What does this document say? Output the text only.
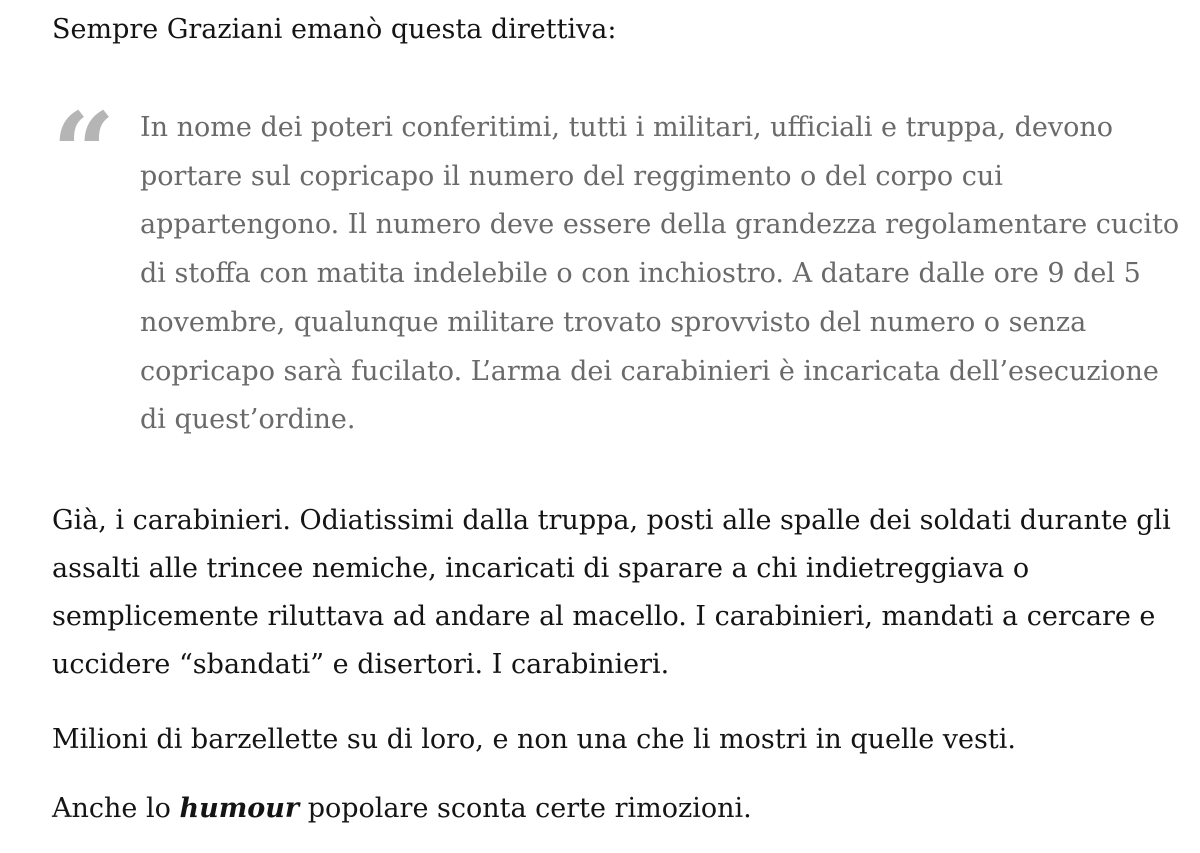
Sempre Graziani emanò questa direttiva:

“ In nome dei poteri conferitimi, tutti i militari, ufficiali e truppa, devono
portare sul copricapo il numero del reggimento o del corpo cui
appartengono. Il numero deve essere della grandezza regolamentare cucito
di stoffa con matita indelebile o con inchiostro. A datare dalle ore 9 del 5
novembre, qualunque militare trovato sprovvisto del numero o senza
copricapo sarà fucilato. L’arma dei carabinieri è incaricata dell’esecuzione
di quest’ordine.

Già, i carabinieri. Odiatissimi dalla truppa, posti alle spalle dei soldati durante gli
assalti alle trincee nemiche, incaricati di sparare a chi indietreggiava o
semplicemente riluttava ad andare al macello. I carabinieri, mandati a cercare e
uccidere “sbandati” e disertori. I carabinieri.

Milioni di barzellette su di loro, e non una che li mostri in quelle vesti.

Anche lo humour popolare sconta certe rimozioni.
